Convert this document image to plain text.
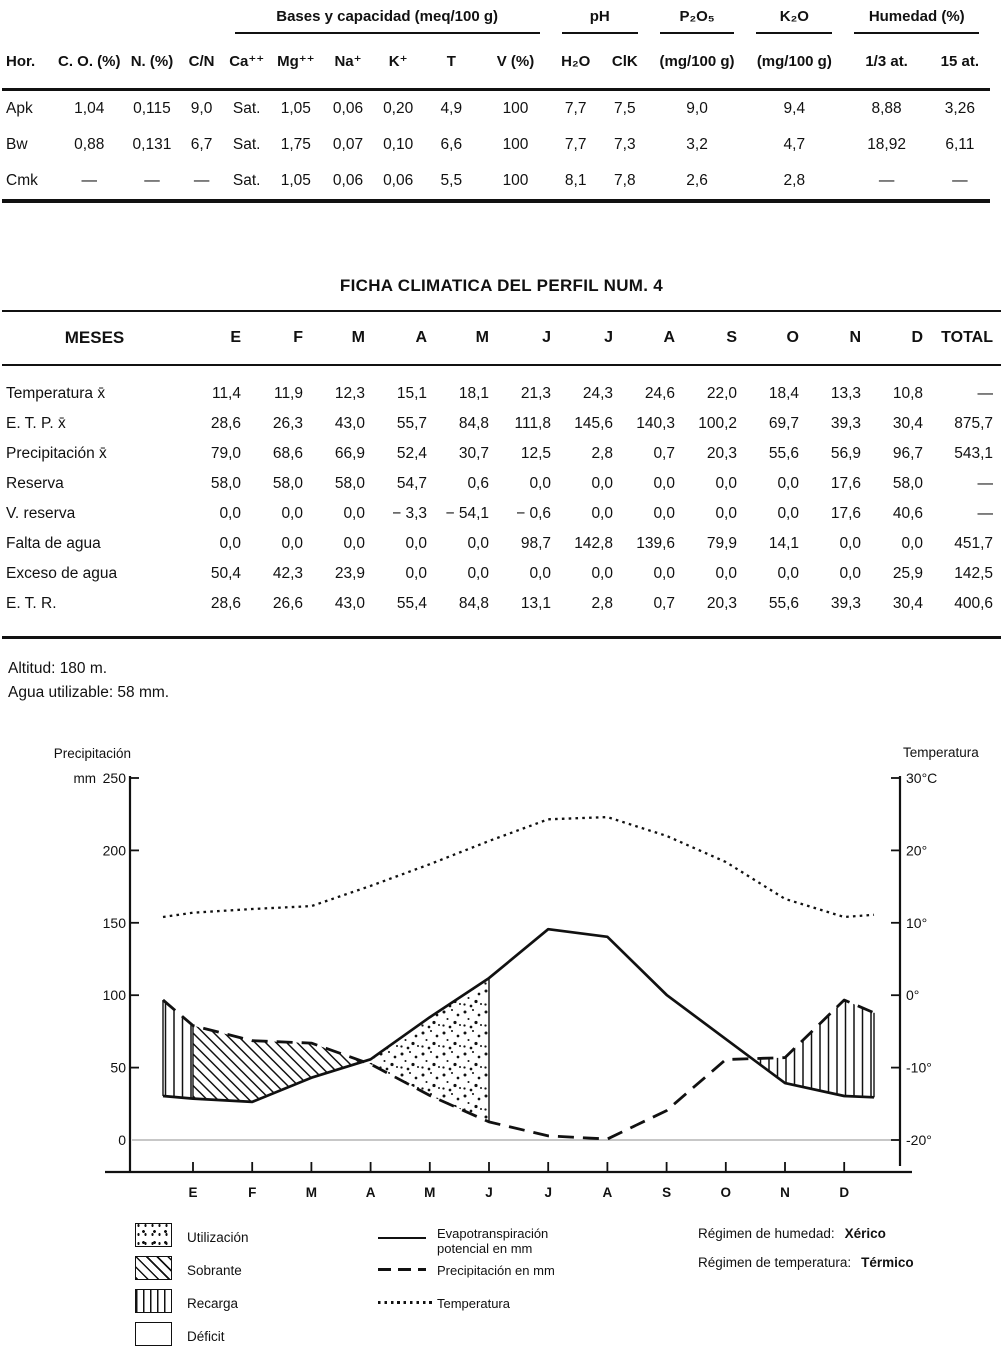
				Bases y capacidad (meq/100 g)						pH		P₂O₅	K₂O	Humedad (%)	

Hor.	C. O. (%)	N. (%)	C/N	Ca⁺⁺	Mg⁺⁺	Na⁺	K⁺	T	V (%)	H₂O	ClK	(mg/100 g)	(mg/100 g)	1/3 at.	15 at.
Apk	1,04	0,115	9,0	Sat.	1,05	0,06	0,20	4,9	100	7,7	7,5	9,0	9,4	8,88	3,26
Bw	0,88	0,131	6,7	Sat.	1,75	0,07	0,10	6,6	100	7,7	7,3	3,2	4,7	18,92	6,11
Cmk	—	—	—	Sat.	1,05	0,06	0,06	5,5	100	8,1	7,8	2,6	2,8	—	—
FICHA CLIMATICA DEL PERFIL NUM. 4
MESES	E	F	M	A	M	J	J	A	S	O	N	D	TOTAL
Temperatura x̄	11,4	11,9	12,3	15,1	18,1	21,3	24,3	24,6	22,0	18,4	13,3	10,8	—
E. T. P. x̄	28,6	26,3	43,0	55,7	84,8	111,8	145,6	140,3	100,2	69,7	39,3	30,4	875,7
Precipitación x̄	79,0	68,6	66,9	52,4	30,7	12,5	2,8	0,7	20,3	55,6	56,9	96,7	543,1
Reserva	58,0	58,0	58,0	54,7	0,6	0,0	0,0	0,0	0,0	0,0	17,6	58,0	—
V. reserva	0,0	0,0	0,0	− 3,3	− 54,1	− 0,6	0,0	0,0	0,0	0,0	17,6	40,6	—
Falta de agua	0,0	0,0	0,0	0,0	0,0	98,7	142,8	139,6	79,9	14,1	0,0	0,0	451,7
Exceso de agua	50,4	42,3	23,9	0,0	0,0	0,0	0,0	0,0	0,0	0,0	0,0	25,9	142,5
E. T. R.	28,6	26,6	43,0	55,4	84,8	13,1	2,8	0,7	20,3	55,6	39,3	30,4	400,6
Altitud: 180 m.
Agua utilizable: 58 mm.
250
200
150
100
50
0
Precipitación
mm	30°C
20°
10°
0°
-10°
-20°
Temperatura
E	F	M	A	M	J	J	A	S	O	N	D
Utilización
Sobrante
Recarga
Déficit
Evapotranspiración
potencial en mm
Precipitación en mm
Temperatura
Régimen de humedad: Xérico
Régimen de temperatura: Térmico
